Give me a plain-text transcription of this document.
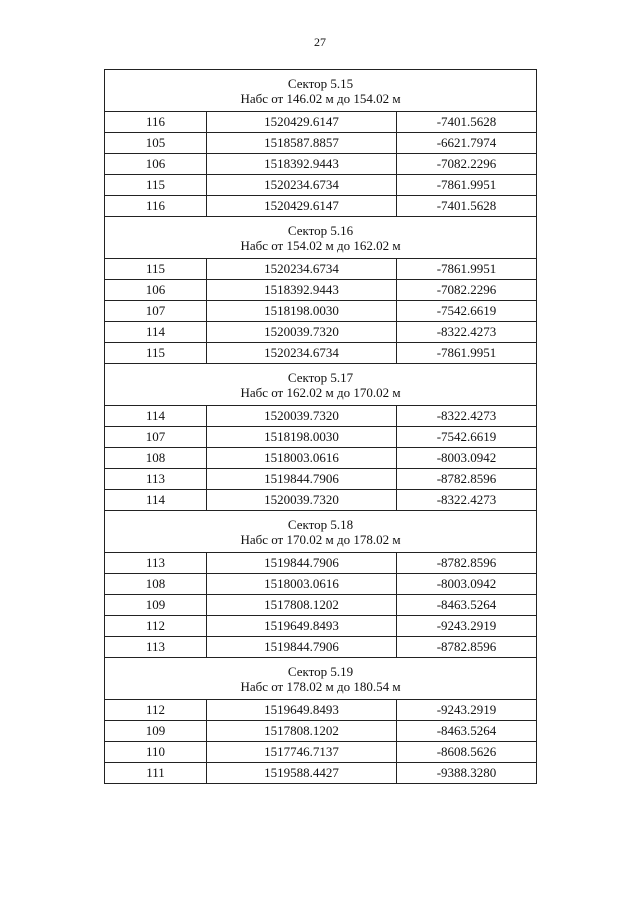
27
Сектор 5.15
Набс от 146.02 м до 154.02 м		

116	1520429.6147	-7401.5628
105	1518587.8857	-6621.7974
106	1518392.9443	-7082.2296
115	1520234.6734	-7861.9951
116	1520429.6147	-7401.5628

Сектор 5.16
Набс от 154.02 м до 162.02 м		

115	1520234.6734	-7861.9951
106	1518392.9443	-7082.2296
107	1518198.0030	-7542.6619
114	1520039.7320	-8322.4273
115	1520234.6734	-7861.9951

Сектор 5.17
Набс от 162.02 м до 170.02 м		

114	1520039.7320	-8322.4273
107	1518198.0030	-7542.6619
108	1518003.0616	-8003.0942
113	1519844.7906	-8782.8596
114	1520039.7320	-8322.4273

Сектор 5.18
Набс от 170.02 м до 178.02 м		

113	1519844.7906	-8782.8596
108	1518003.0616	-8003.0942
109	1517808.1202	-8463.5264
112	1519649.8493	-9243.2919
113	1519844.7906	-8782.8596

Сектор 5.19
Набс от 178.02 м до 180.54 м		

112	1519649.8493	-9243.2919
109	1517808.1202	-8463.5264
110	1517746.7137	-8608.5626
111	1519588.4427	-9388.3280
